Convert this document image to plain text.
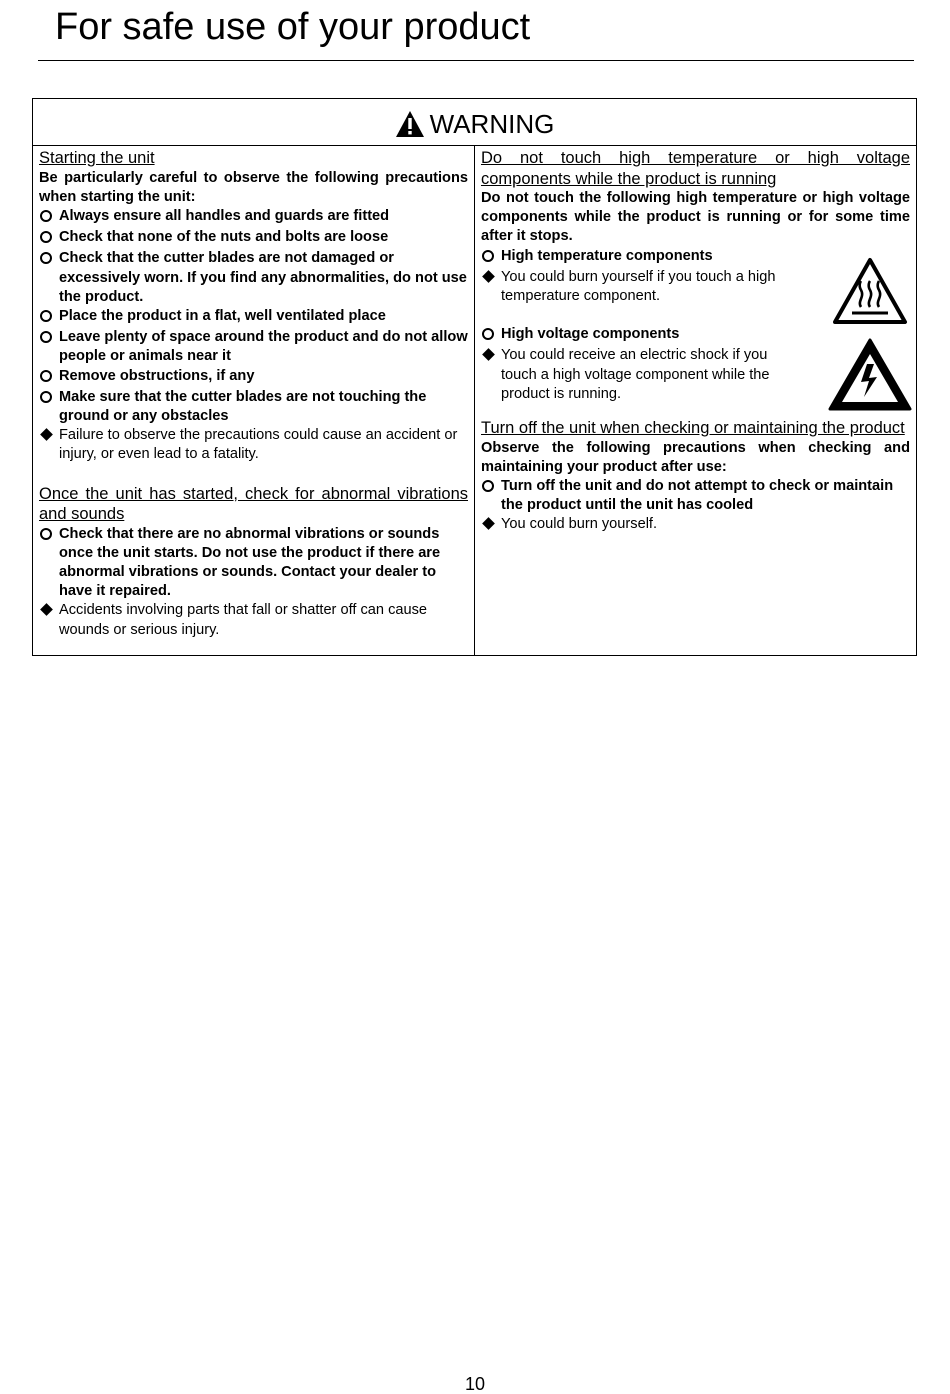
For safe use of your product
WARNING
Starting the unit
Be particularly careful to observe the following precautions when starting the unit:
Always ensure all handles and guards are fitted
Check that none of the nuts and bolts are loose
Check that the cutter blades are not damaged or excessively worn. If you find any abnormalities, do not use the product.
Place the product in a flat, well ventilated place
Leave plenty of space around the product and do not allow people or animals near it
Remove obstructions, if any
Make sure that the cutter blades are not touching the ground or any obstacles
Failure to observe the precautions could cause an accident or injury, or even lead to a fatality.
Once the unit has started, check for abnormal vibrations and sounds
Check that there are no abnormal vibrations or sounds once the unit starts. Do not use the product if there are abnormal vibrations or sounds. Contact your dealer to have it repaired.
Accidents involving parts that fall or shatter off can cause wounds or serious injury.
Do not touch high temperature or high voltage components while the product is running
Do not touch the following high temperature or high voltage components while the product is running or for some time after it stops.
High temperature components
You could burn yourself if you touch a high temperature component.
High voltage components
You could receive an electric shock if you touch a high voltage component while the product is running.
Turn off the unit when checking or maintaining the product
Observe the following precautions when checking and maintaining your product after use:
Turn off the unit and do not attempt to check or maintain the product until the unit has cooled
You could burn yourself.
10
